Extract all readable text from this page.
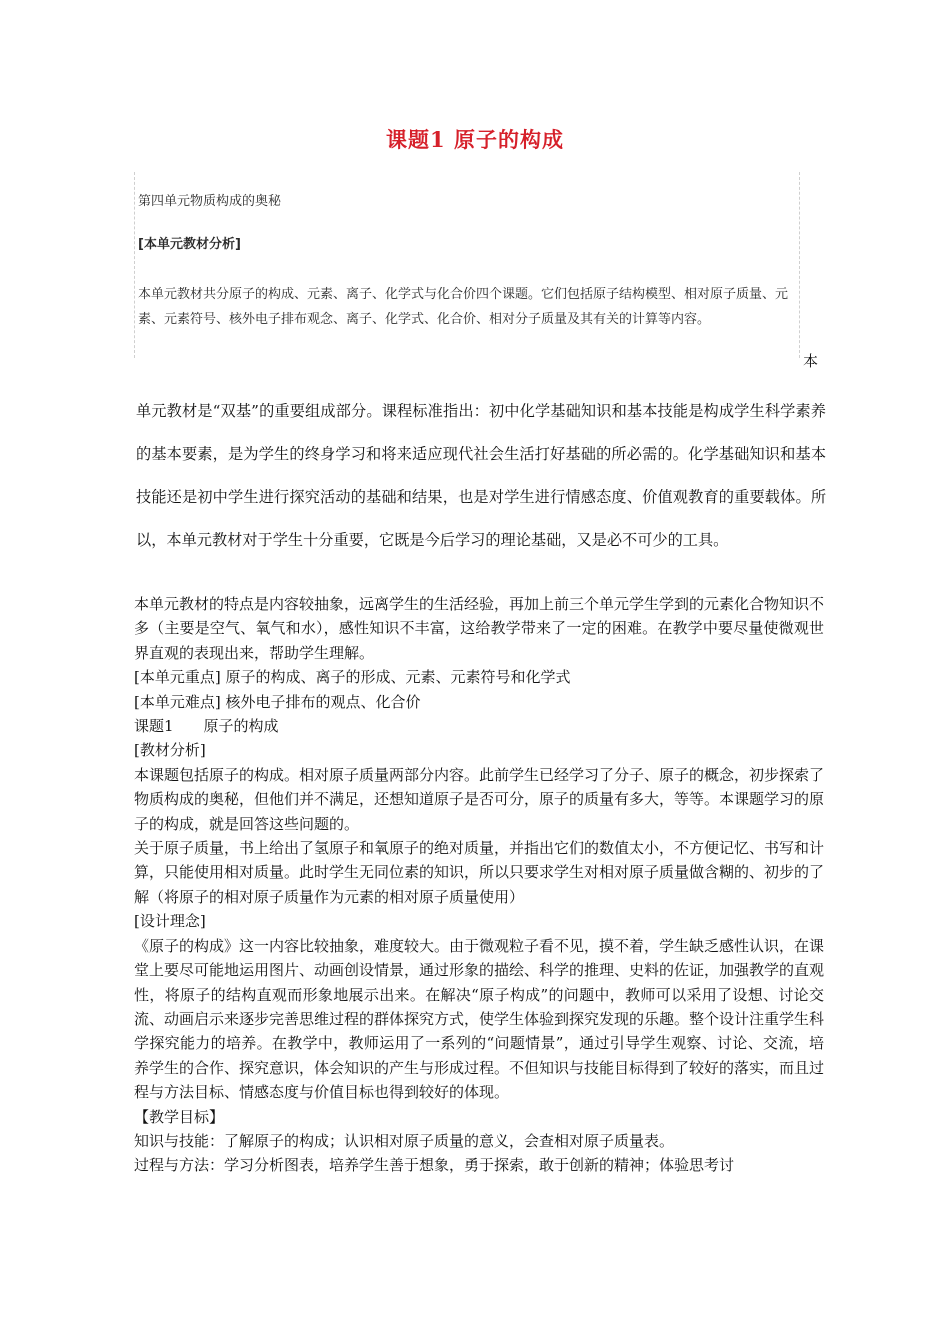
课题1 原子的构成

第四单元物质构成的奥秘

[本单元教材分析]

本单元教材共分原子的构成、元素、离子、化学式与化合价四个课题。它们包括原子结构模型、相对原子质量、元素、元素符号、核外电子排布观念、离子、化学式、化合价、相对分子质量及其有关的计算等内容。

本

单元教材是“双基”的重要组成部分。课程标准指出：初中化学基础知识和基本技能是构成学生科学素养的基本要素，是为学生的终身学习和将来适应现代社会生活打好基础的所必需的。化学基础知识和基本技能还是初中学生进行探究活动的基础和结果，也是对学生进行情感态度、价值观教育的重要载体。所以，本单元教材对于学生十分重要，它既是今后学习的理论基础，又是必不可少的工具。

本单元教材的特点是内容较抽象，远离学生的生活经验，再加上前三个单元学生学到的元素化合物知识不多（主要是空气、氧气和水），感性知识不丰富，这给教学带来了一定的困难。在教学中要尽量使微观世界直观的表现出来，帮助学生理解。

[本单元重点] 原子的构成、离子的形成、元素、元素符号和化学式

[本单元难点] 核外电子排布的观点、化合价

课题1　　原子的构成

[教材分析]

本课题包括原子的构成。相对原子质量两部分内容。此前学生已经学习了分子、原子的概念，初步探索了物质构成的奥秘，但他们并不满足，还想知道原子是否可分，原子的质量有多大，等等。本课题学习的原子的构成，就是回答这些问题的。

关于原子质量，书上给出了氢原子和氧原子的绝对质量，并指出它们的数值太小，不方便记忆、书写和计算，只能使用相对质量。此时学生无同位素的知识，所以只要求学生对相对原子质量做含糊的、初步的了解（将原子的相对原子质量作为元素的相对原子质量使用）

[设计理念]

《原子的构成》这一内容比较抽象，难度较大。由于微观粒子看不见，摸不着，学生缺乏感性认识，在课堂上要尽可能地运用图片、动画创设情景，通过形象的描绘、科学的推理、史料的佐证，加强教学的直观性，将原子的结构直观而形象地展示出来。在解决“原子构成”的问题中，教师可以采用了设想、讨论交流、动画启示来逐步完善思维过程的群体探究方式，使学生体验到探究发现的乐趣。整个设计注重学生科学探究能力的培养。在教学中，教师运用了一系列的“问题情景”，通过引导学生观察、讨论、交流，培养学生的合作、探究意识，体会知识的产生与形成过程。不但知识与技能目标得到了较好的落实，而且过程与方法目标、情感态度与价值目标也得到较好的体现。

【教学目标】

知识与技能：了解原子的构成；认识相对原子质量的意义，会查相对原子质量表。

过程与方法：学习分析图表，培养学生善于想象，勇于探索，敢于创新的精神；体验思考讨
